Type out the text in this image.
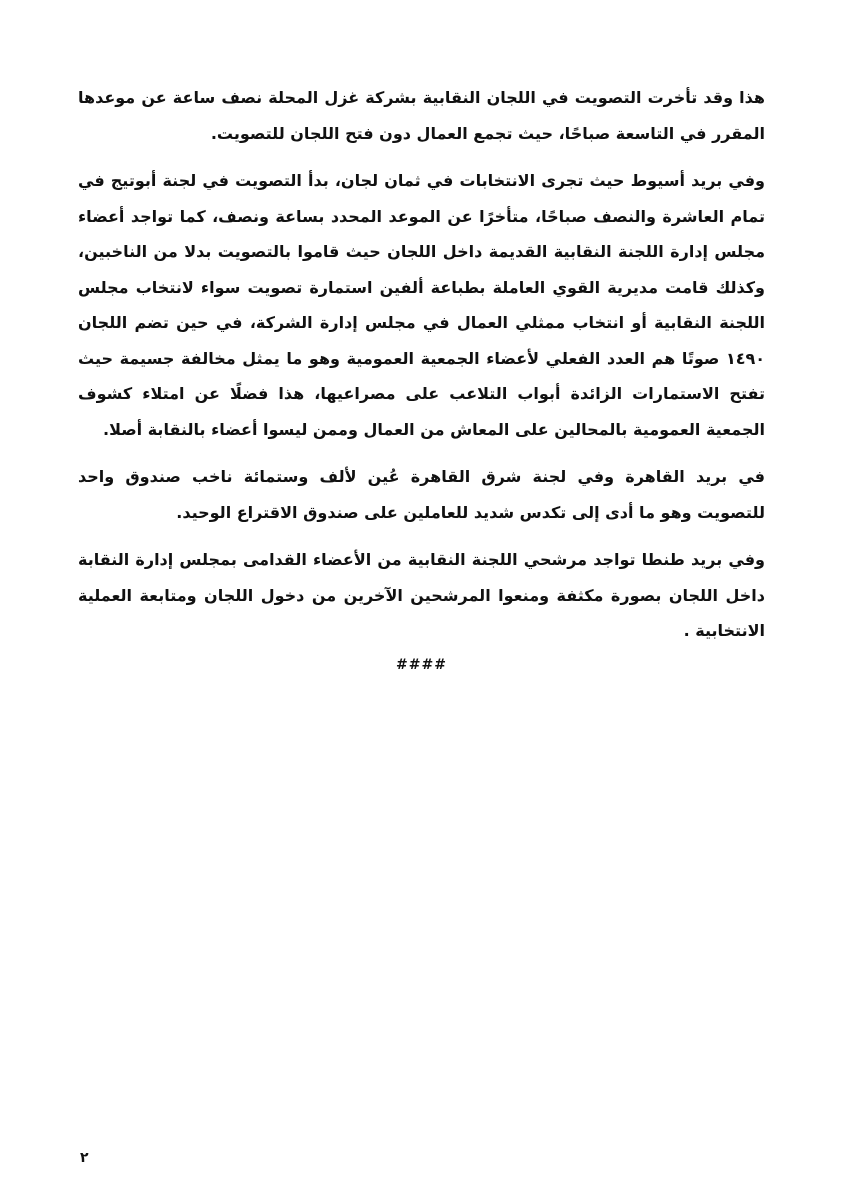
هذا وقد تأخرت التصويت في اللجان النقابية بشركة غزل المحلة نصف ساعة عن موعدها المقرر في التاسعة صباحًا، حيث تجمع العمال دون فتح اللجان للتصويت.

وفي بريد أسيوط حيث تجرى الانتخابات في ثمان لجان، بدأ التصويت في لجنة أبوتيج في تمام العاشرة والنصف صباحًا، متأخرًا عن الموعد المحدد بساعة ونصف، كما تواجد أعضاء مجلس إدارة اللجنة النقابية القديمة داخل اللجان حيث قاموا بالتصويت بدلا من الناخبين، وكذلك قامت مديرية القوي العاملة بطباعة ألفين استمارة تصويت سواء لانتخاب مجلس اللجنة النقابية أو انتخاب ممثلي العمال في مجلس إدارة الشركة، في حين تضم اللجان ١٤٩٠ صوتًا هم العدد الفعلي لأعضاء الجمعية العمومية وهو ما يمثل مخالفة جسيمة حيث تفتح الاستمارات الزائدة أبواب التلاعب على مصراعيها، هذا فضلًا عن امتلاء كشوف الجمعية العمومية بالمحالين على المعاش من العمال وممن ليسوا أعضاء بالنقابة أصلا.

في بريد القاهرة وفي لجنة شرق القاهرة عُين لألف وستمائة ناخب صندوق واحد للتصويت وهو ما أدى إلى تكدس شديد للعاملين على صندوق الاقتراع الوحيد.

وفي بريد طنطا تواجد مرشحي اللجنة النقابية من الأعضاء القدامى بمجلس إدارة النقابة داخل اللجان بصورة مكثفة ومنعوا المرشحين الآخرين من دخول اللجان ومتابعة العملية الانتخابية .

####
٢
